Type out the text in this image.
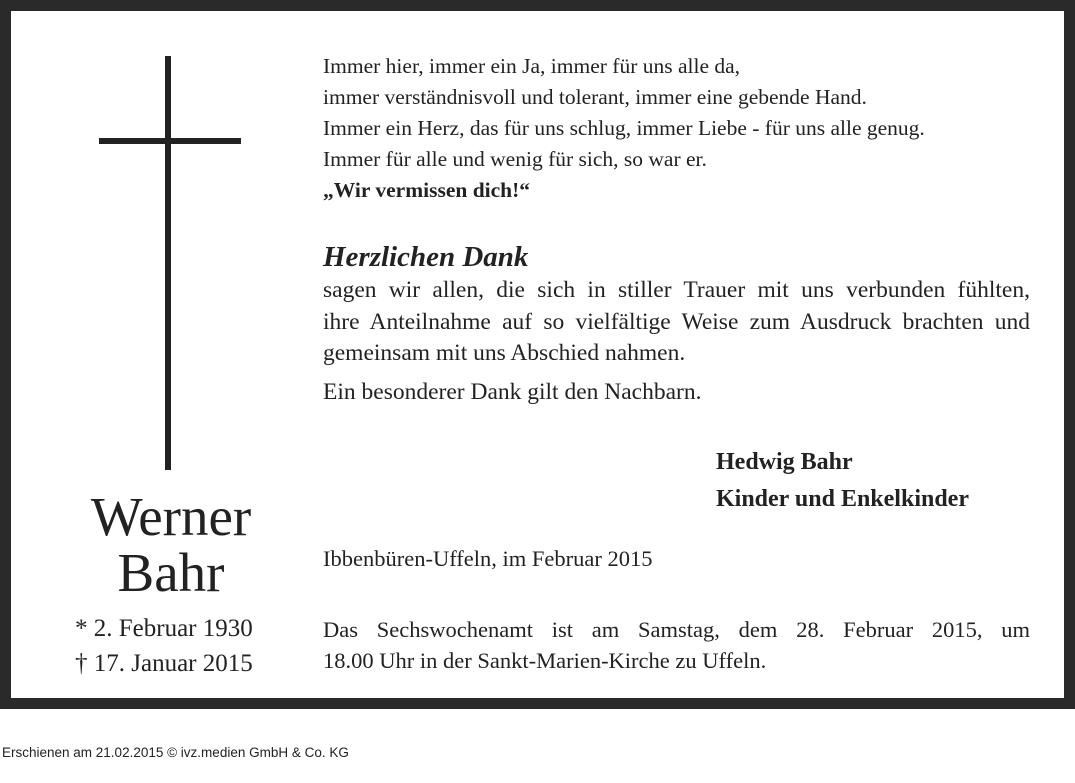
Werner
Bahr
* 2. Februar 1930
† 17. Januar 2015
Immer hier, immer ein Ja, immer für uns alle da,
immer verständnisvoll und tolerant, immer eine gebende Hand.
Immer ein Herz, das für uns schlug, immer Liebe - für uns alle genug.
Immer für alle und wenig für sich, so war er.
„Wir vermissen dich!“
Herzlichen Dank
sagen wir allen, die sich in stiller Trauer mit uns verbunden fühlten,
ihre Anteilnahme auf so vielfältige Weise zum Ausdruck brachten und
gemeinsam mit uns Abschied nahmen.
Ein besonderer Dank gilt den Nachbarn.
Hedwig Bahr
Kinder und Enkelkinder
Ibbenbüren-Uffeln, im Februar 2015
Das Sechswochenamt ist am Samstag, dem 28. Februar 2015, um
18.00 Uhr in der Sankt-Marien-Kirche zu Uffeln.
Erschienen am 21.02.2015 © ivz.medien GmbH & Co. KG
